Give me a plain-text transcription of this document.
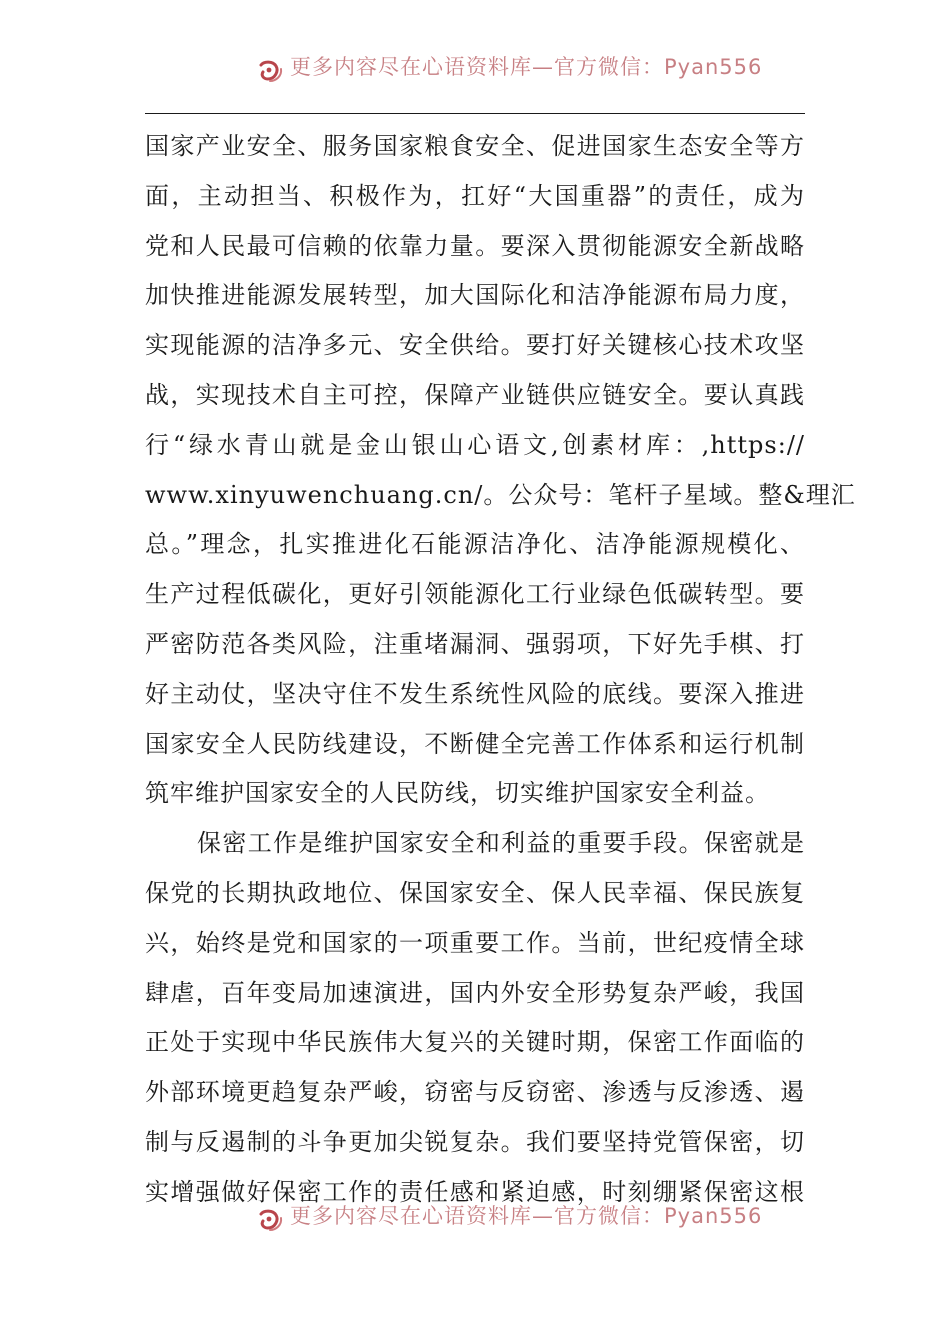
更多内容尽在心语资料库—官方微信：Pyan556
国家产业安全、服务国家粮食安全、促进国家生态安全等方
面，主动担当、积极作为，扛好“大国重器”的责任，成为
党和人民最可信赖的依靠力量。要深入贯彻能源安全新战略
加快推进能源发展转型，加大国际化和洁净能源布局力度，
实现能源的洁净多元、安全供给。要打好关键核心技术攻坚
战，实现技术自主可控，保障产业链供应链安全。要认真践
行“绿水青山就是金山银山心语文,创素材库：,https://
www.xinyuwenchuang.cn/。公众号：笔杆子星域。整&理汇
总。”理念，扎实推进化石能源洁净化、洁净能源规模化、
生产过程低碳化，更好引领能源化工行业绿色低碳转型。要
严密防范各类风险，注重堵漏洞、强弱项，下好先手棋、打
好主动仗，坚决守住不发生系统性风险的底线。要深入推进
国家安全人民防线建设，不断健全完善工作体系和运行机制
筑牢维护国家安全的人民防线，切实维护国家安全利益。
保密工作是维护国家安全和利益的重要手段。保密就是
保党的长期执政地位、保国家安全、保人民幸福、保民族复
兴，始终是党和国家的一项重要工作。当前，世纪疫情全球
肆虐，百年变局加速演进，国内外安全形势复杂严峻，我国
正处于实现中华民族伟大复兴的关键时期，保密工作面临的
外部环境更趋复杂严峻，窃密与反窃密、渗透与反渗透、遏
制与反遏制的斗争更加尖锐复杂。我们要坚持党管保密，切
实增强做好保密工作的责任感和紧迫感，时刻绷紧保密这根
更多内容尽在心语资料库—官方微信：Pyan556
